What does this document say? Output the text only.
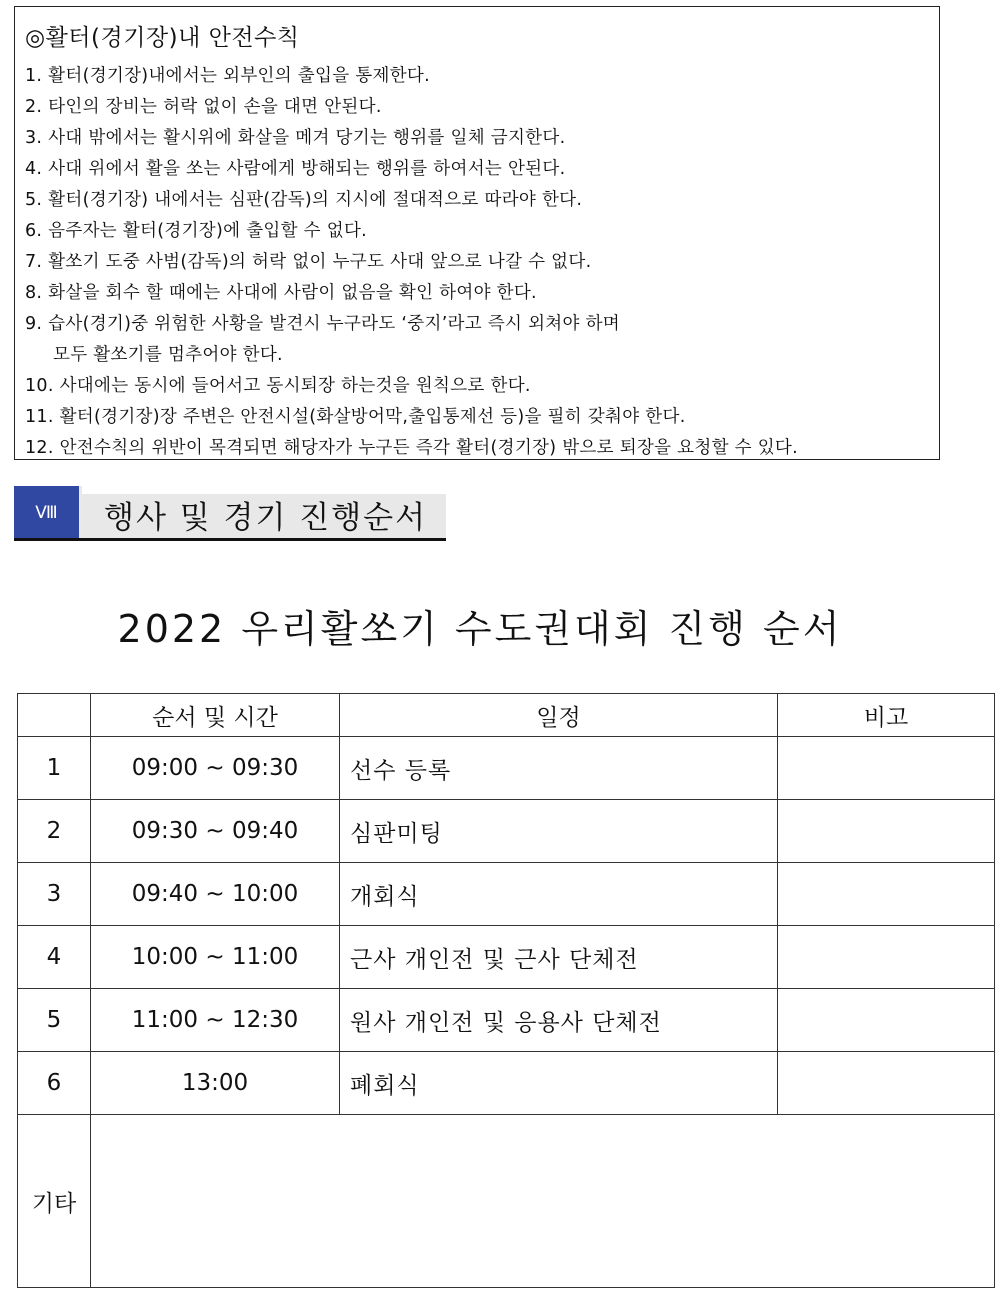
◎활터(경기장)내 안전수칙
1. 활터(경기장)내에서는 외부인의 출입을 통제한다.
2. 타인의 장비는 허락 없이 손을 대면 안된다.
3. 사대 밖에서는 활시위에 화살을 메겨 당기는 행위를 일체 금지한다.
4. 사대 위에서 활을 쏘는 사람에게 방해되는 행위를 하여서는 안된다.
5. 활터(경기장) 내에서는 심판(감독)의 지시에 절대적으로 따라야 한다.
6. 음주자는 활터(경기장)에 출입할 수 없다.
7. 활쏘기 도중 사범(감독)의 허락 없이 누구도 사대 앞으로 나갈 수 없다.
8. 화살을 회수 할 때에는 사대에 사람이 없음을 확인 하여야 한다.
9. 습사(경기)중 위험한 사황을 발견시 누구라도 ‘중지’라고 즉시 외쳐야 하며
모두 활쏘기를 멈추어야 한다.
10. 사대에는 동시에 들어서고 동시퇴장 하는것을 원칙으로 한다.
11. 활터(경기장)장 주변은 안전시설(화살방어막,출입통제선 등)을 필히 갖춰야 한다.
12. 안전수칙의 위반이 목격되면 해당자가 누구든 즉각 활터(경기장) 밖으로 퇴장을 요청할 수 있다.
Ⅷ	행사 및 경기 진행순서
2022 우리활쏘기 수도권대회 진행 순서
	순서 및 시간	일정	비고
1	09:00 ~ 09:30	선수 등록	
2	09:30 ~ 09:40	심판미팅	
3	09:40 ~ 10:00	개회식	
4	10:00 ~ 11:00	근사 개인전 및 근사 단체전	
5	11:00 ~ 12:30	원사 개인전 및 응용사 단체전	
6	13:00	폐회식	
기타			
